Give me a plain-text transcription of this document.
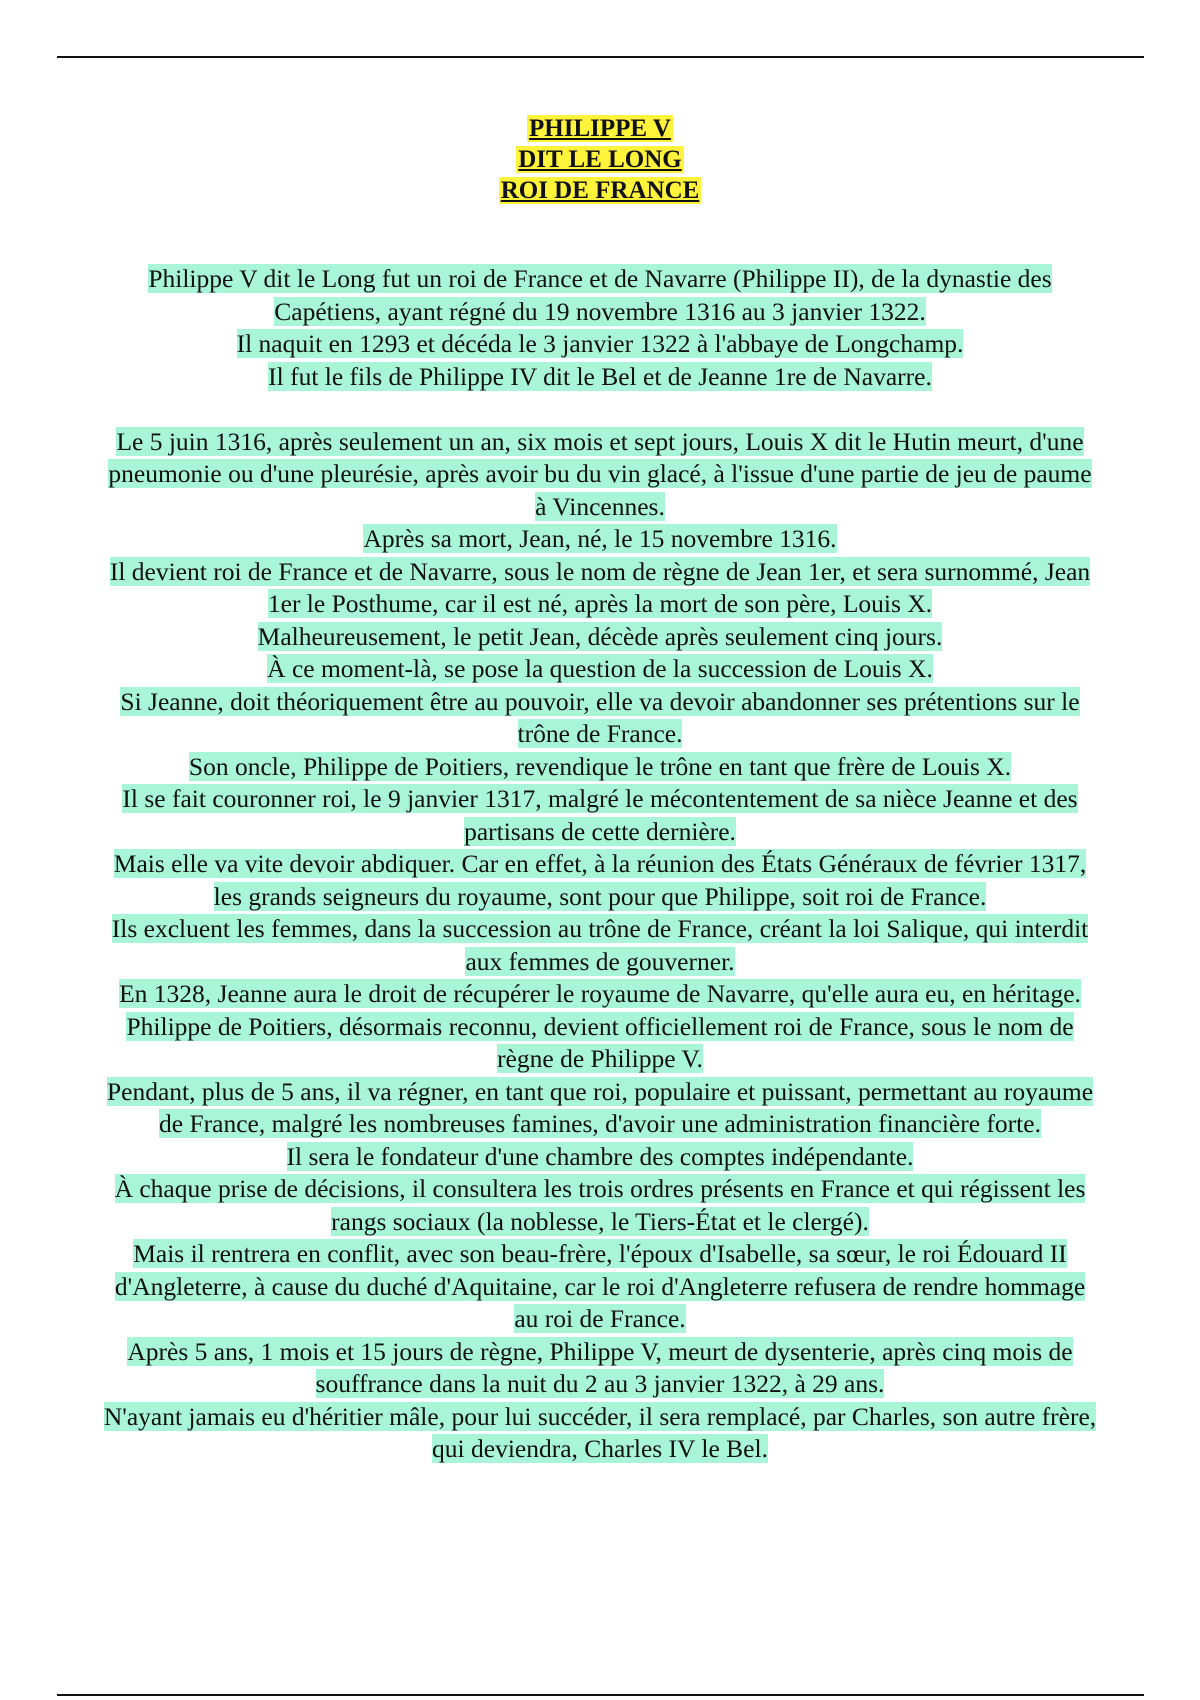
PHILIPPE V
DIT LE LONG
ROI DE FRANCE

Philippe V dit le Long fut un roi de France et de Navarre (Philippe II), de la dynastie des Capétiens, ayant régné du 19 novembre 1316 au 3 janvier 1322.

Il naquit en 1293 et décéda le 3 janvier 1322 à l'abbaye de Longchamp.

Il fut le fils de Philippe IV dit le Bel et de Jeanne 1re de Navarre.

Le 5 juin 1316, après seulement un an, six mois et sept jours, Louis X dit le Hutin meurt, d'une pneumonie ou d'une pleurésie, après avoir bu du vin glacé, à l'issue d'une partie de jeu de paume à Vincennes.

Après sa mort, Jean, né, le 15 novembre 1316.

Il devient roi de France et de Navarre, sous le nom de règne de Jean 1er, et sera surnommé, Jean 1er le Posthume, car il est né, après la mort de son père, Louis X.

Malheureusement, le petit Jean, décède après seulement cinq jours.

À ce moment-là, se pose la question de la succession de Louis X.

Si Jeanne, doit théoriquement être au pouvoir, elle va devoir abandonner ses prétentions sur le trône de France.

Son oncle, Philippe de Poitiers, revendique le trône en tant que frère de Louis X.

Il se fait couronner roi, le 9 janvier 1317, malgré le mécontentement de sa nièce Jeanne et des partisans de cette dernière.

Mais elle va vite devoir abdiquer. Car en effet, à la réunion des États Généraux de février 1317, les grands seigneurs du royaume, sont pour que Philippe, soit roi de France.

Ils excluent les femmes, dans la succession au trône de France, créant la loi Salique, qui interdit aux femmes de gouverner.

En 1328, Jeanne aura le droit de récupérer le royaume de Navarre, qu'elle aura eu, en héritage.

Philippe de Poitiers, désormais reconnu, devient officiellement roi de France, sous le nom de règne de Philippe V.

Pendant, plus de 5 ans, il va régner, en tant que roi, populaire et puissant, permettant au royaume de France, malgré les nombreuses famines, d'avoir une administration financière forte.

Il sera le fondateur d'une chambre des comptes indépendante.

À chaque prise de décisions, il consultera les trois ordres présents en France et qui régissent les rangs sociaux (la noblesse, le Tiers-État et le clergé).

Mais il rentrera en conflit, avec son beau-frère, l'époux d'Isabelle, sa sœur, le roi Édouard II d'Angleterre, à cause du duché d'Aquitaine, car le roi d'Angleterre refusera de rendre hommage au roi de France.

Après 5 ans, 1 mois et 15 jours de règne, Philippe V, meurt de dysenterie, après cinq mois de souffrance dans la nuit du 2 au 3 janvier 1322, à 29 ans.

N'ayant jamais eu d'héritier mâle, pour lui succéder, il sera remplacé, par Charles, son autre frère, qui deviendra, Charles IV le Bel.
